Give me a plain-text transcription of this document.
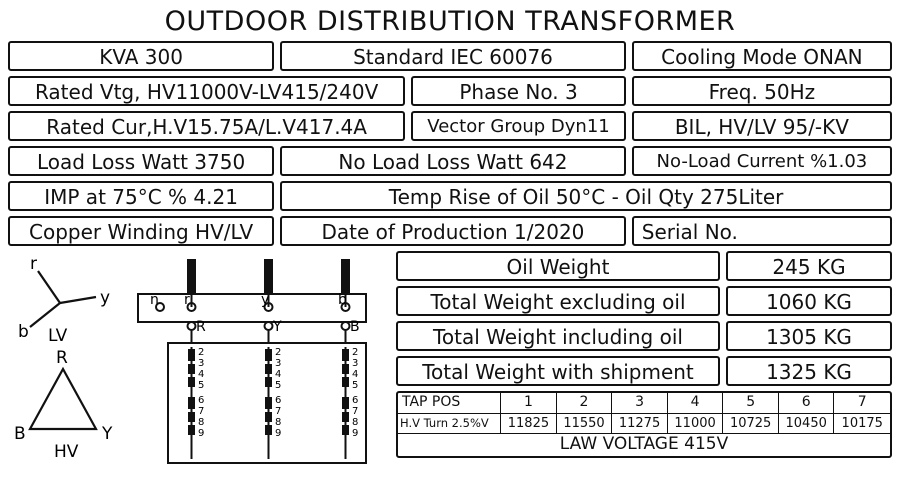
OUTDOOR DISTRIBUTION TRANSFORMER
KVA 300	Standard IEC 60076	Cooling Mode ONAN
Rated Vtg, HV11000V-LV415/240V	Phase No. 3	Freq. 50Hz
Rated Cur,H.V15.75A/L.V417.4A	Vector Group Dyn11	BIL, HV/LV 95/-KV
Load Loss Watt 3750	No Load Loss Watt 642	No-Load Current %1.03
IMP at 75°C % 4.21	Temp Rise of Oil 50°C - Oil Qty 275Liter
Copper Winding HV/LV	Date of Production 1/2020	Serial No.
r
y
b LV
R
B	Y
HV
n r	y	b
R	Y	B
2
3
4
5
6
7
8
9
2
3
4
5
6
7
8
9
2
3
4
5
6
7
8
9
Oil Weight	245 KG
Total Weight excluding oil	1060 KG
Total Weight including oil	1305 KG
Total Weight with shipment	1325 KG
TAP POS	1	2	3	4	5	6	7
H.V Turn 2.5%V	11825	11550	11275	11000	10725	10450	10175
LAW VOLTAGE 415V
